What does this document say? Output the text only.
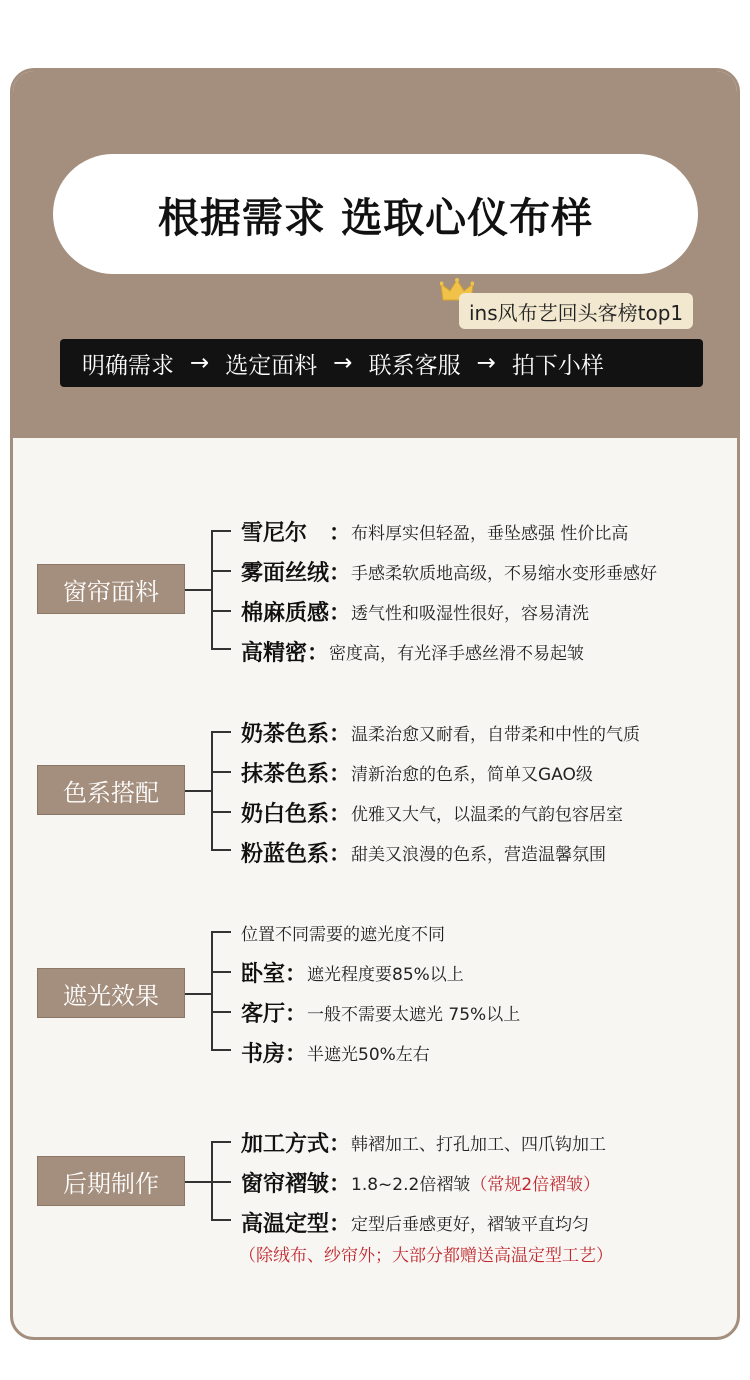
根据需求 选取心仪布样
ins风布艺回头客榜top1
明确需求 → 选定面料 → 联系客服 → 拍下小样
窗帘面料
雪尼尔　： 布料厚实但轻盈，垂坠感强 性价比高
雾面丝绒： 手感柔软质地高级，不易缩水变形垂感好
棉麻质感： 透气性和吸湿性很好，容易清洗
高精密： 密度高，有光泽手感丝滑不易起皱
色系搭配
奶茶色系： 温柔治愈又耐看，自带柔和中性的气质
抹茶色系： 清新治愈的色系，简单又GAO级
奶白色系： 优雅又大气，以温柔的气韵包容居室
粉蓝色系： 甜美又浪漫的色系，营造温馨氛围
遮光效果
位置不同需要的遮光度不同
卧室： 遮光程度要85%以上
客厅： 一般不需要太遮光 75%以上
书房： 半遮光50%左右
后期制作
加工方式： 韩褶加工、打孔加工、四爪钩加工
窗帘褶皱： 1.8~2.2倍褶皱 （常规2倍褶皱）
高温定型： 定型后垂感更好，褶皱平直均匀
（除绒布、纱帘外；大部分都赠送高温定型工艺）
